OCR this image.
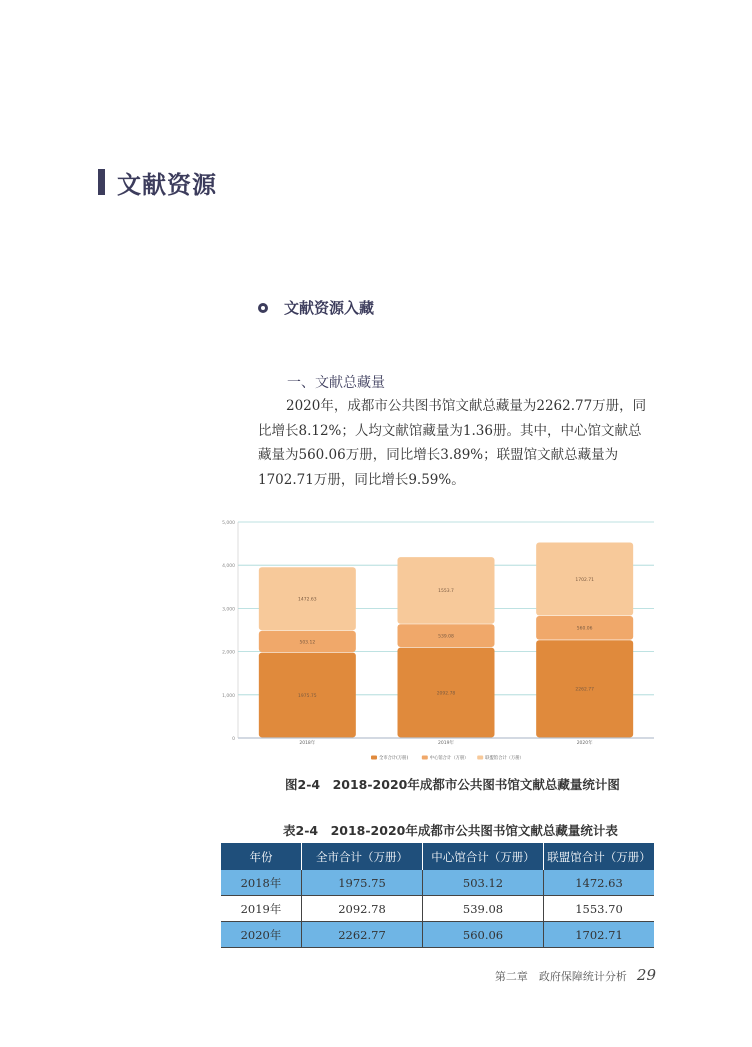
文献资源
文献资源入藏
一、文献总藏量
2020年，成都市公共图书馆文献总藏量为2262.77万册，同
比增长8.12%；人均文献馆藏量为1.36册。其中，中心馆文献总
藏量为560.06万册，同比增长3.89%；联盟馆文献总藏量为
1702.71万册，同比增长9.59%。
0
1,000
2,000
3,000
4,000
5,000
1975.75
503.12
1472.63
2018年
2092.78
539.08
1553.7
2019年
2262.77
560.06
1702.71
2020年
全市合计(万册)	中心馆合计（万册）	联盟馆合计（万册）
图2-4　2018-2020年成都市公共图书馆文献总藏量统计图
表2-4　2018-2020年成都市公共图书馆文献总藏量统计表
年份	全市合计（万册）	中心馆合计（万册）	联盟馆合计（万册）
2018年	1975.75	503.12	1472.63
2019年	2092.78	539.08	1553.70
2020年	2262.77	560.06	1702.71
第二章　政府保障统计分析 29
